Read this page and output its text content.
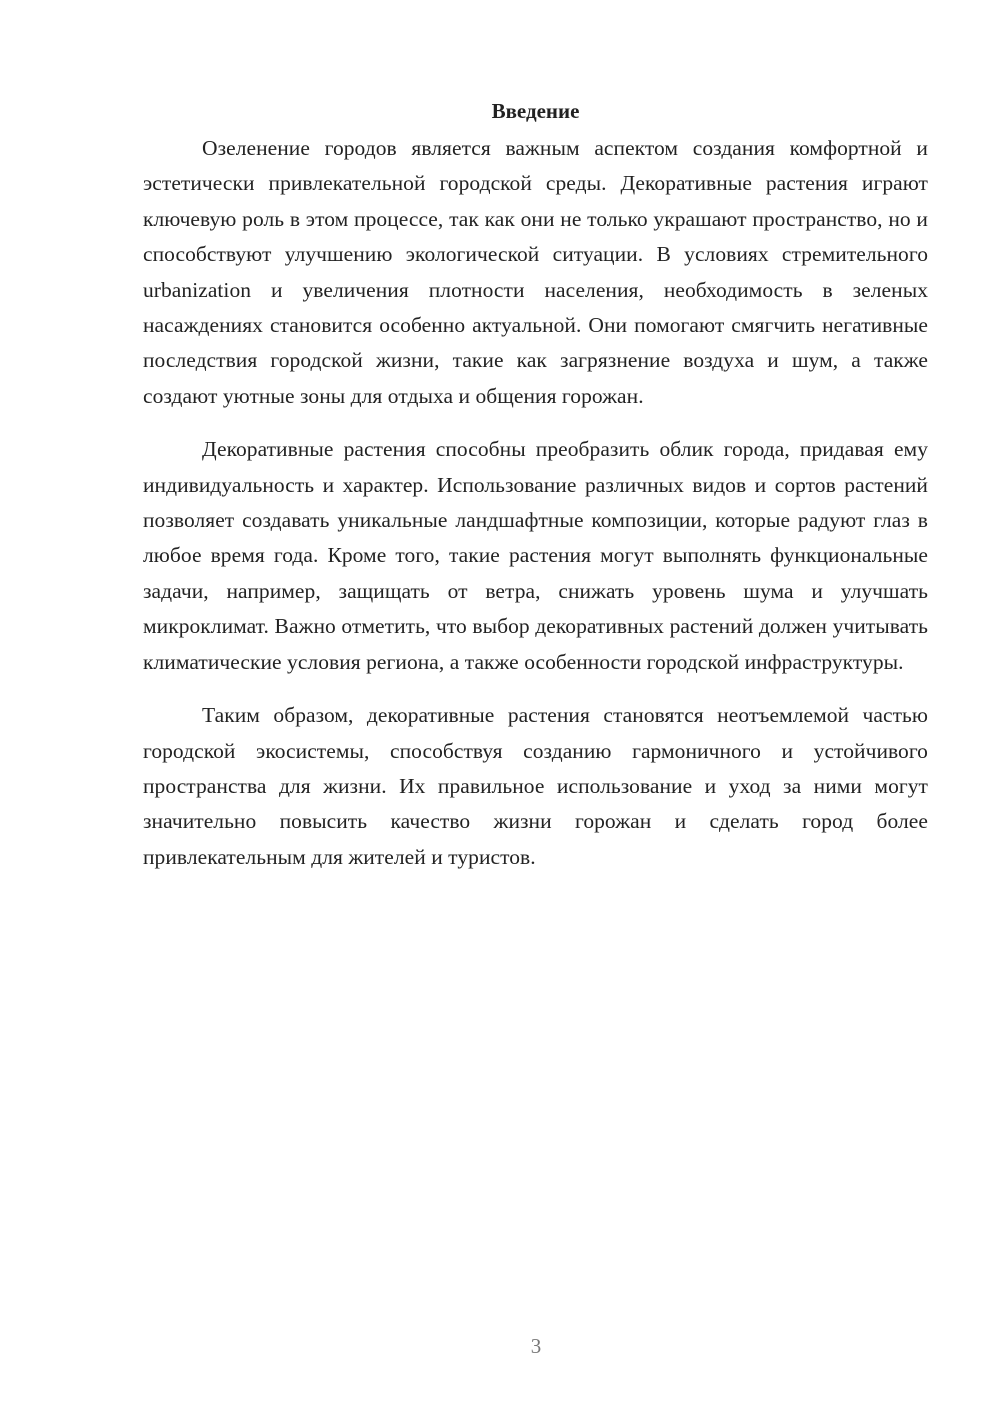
Введение

Озеленение городов является важным аспектом создания комфортной и эстетически привлекательной городской среды. Декоративные растения играют ключевую роль в этом процессе, так как они не только украшают пространство, но и способствуют улучшению экологической ситуации. В условиях стремительного urbanization и увеличения плотности населения, необходимость в зеленых насаждениях становится особенно актуальной. Они помогают смягчить негативные последствия городской жизни, такие как загрязнение воздуха и шум, а также создают уютные зоны для отдыха и общения горожан.

Декоративные растения способны преобразить облик города, придавая ему индивидуальность и характер. Использование различных видов и сортов растений позволяет создавать уникальные ландшафтные композиции, которые радуют глаз в любое время года. Кроме того, такие растения могут выполнять функциональные задачи, например, защищать от ветра, снижать уровень шума и улучшать микроклимат. Важно отметить, что выбор декоративных растений должен учитывать климатические условия региона, а также особенности городской инфраструктуры.

Таким образом, декоративные растения становятся неотъемлемой частью городской экосистемы, способствуя созданию гармоничного и устойчивого пространства для жизни. Их правильное использование и уход за ними могут значительно повысить качество жизни горожан и сделать город более привлекательным для жителей и туристов.

3
